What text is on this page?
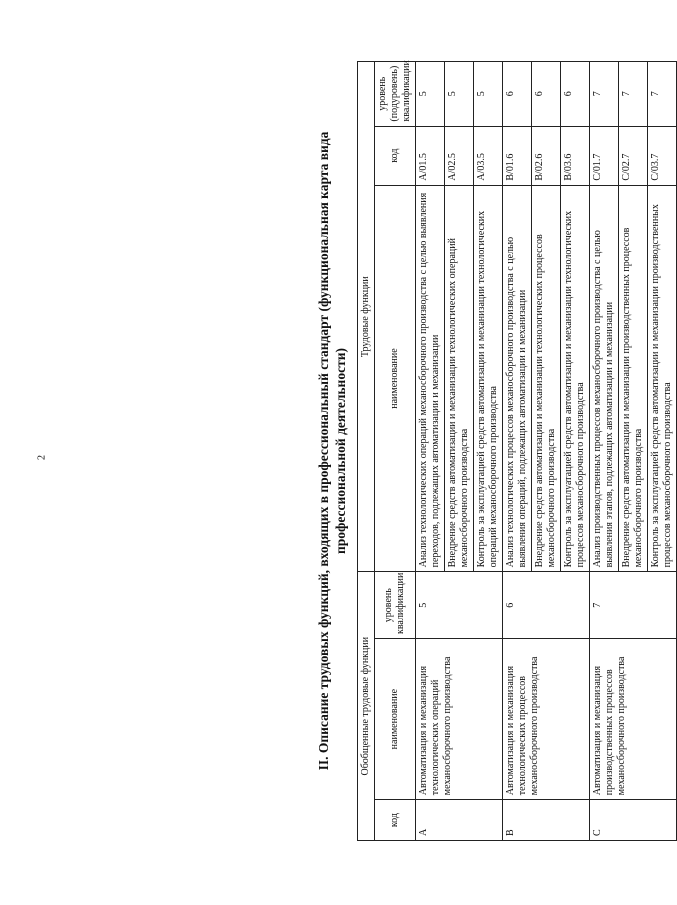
2	II. Описание трудовых функций, входящих в профессиональный стандарт (функциональная карта вида профессиональной деятельности)
Обобщенные трудовые функции			Трудовые функции		
код	наименование	уровень квалификации	наименование	код	уровень (подуровень) квалификации
A	Автоматизация и механизация технологических операций механосборочного производства	5	Анализ технологических операций механосборочного производства с целью выявления переходов, подлежащих автоматизации и механизации	A/01.5	5
			Внедрение средств автоматизации и механизации технологических операций механосборочного производства	A/02.5	5
			Контроль за эксплуатацией средств автоматизации и механизации технологических операций механосборочного производства	A/03.5	5
B	Автоматизация и механизация технологических процессов механосборочного производства	6	Анализ технологических процессов механосборочного производства с целью выявления операций, подлежащих автоматизации и механизации	B/01.6	6
			Внедрение средств автоматизации и механизации технологических процессов механосборочного производства	B/02.6	6
			Контроль за эксплуатацией средств автоматизации и механизации технологических процессов механосборочного производства	B/03.6	6
C	Автоматизация и механизация производственных процессов механосборочного производства	7	Анализ производственных процессов механосборочного производства с целью выявления этапов, подлежащих автоматизации и механизации	C/01.7	7
			Внедрение средств автоматизации и механизации производственных процессов механосборочного производства	C/02.7	7
			Контроль за эксплуатацией средств автоматизации и механизации производственных процессов механосборочного производства	C/03.7	7
